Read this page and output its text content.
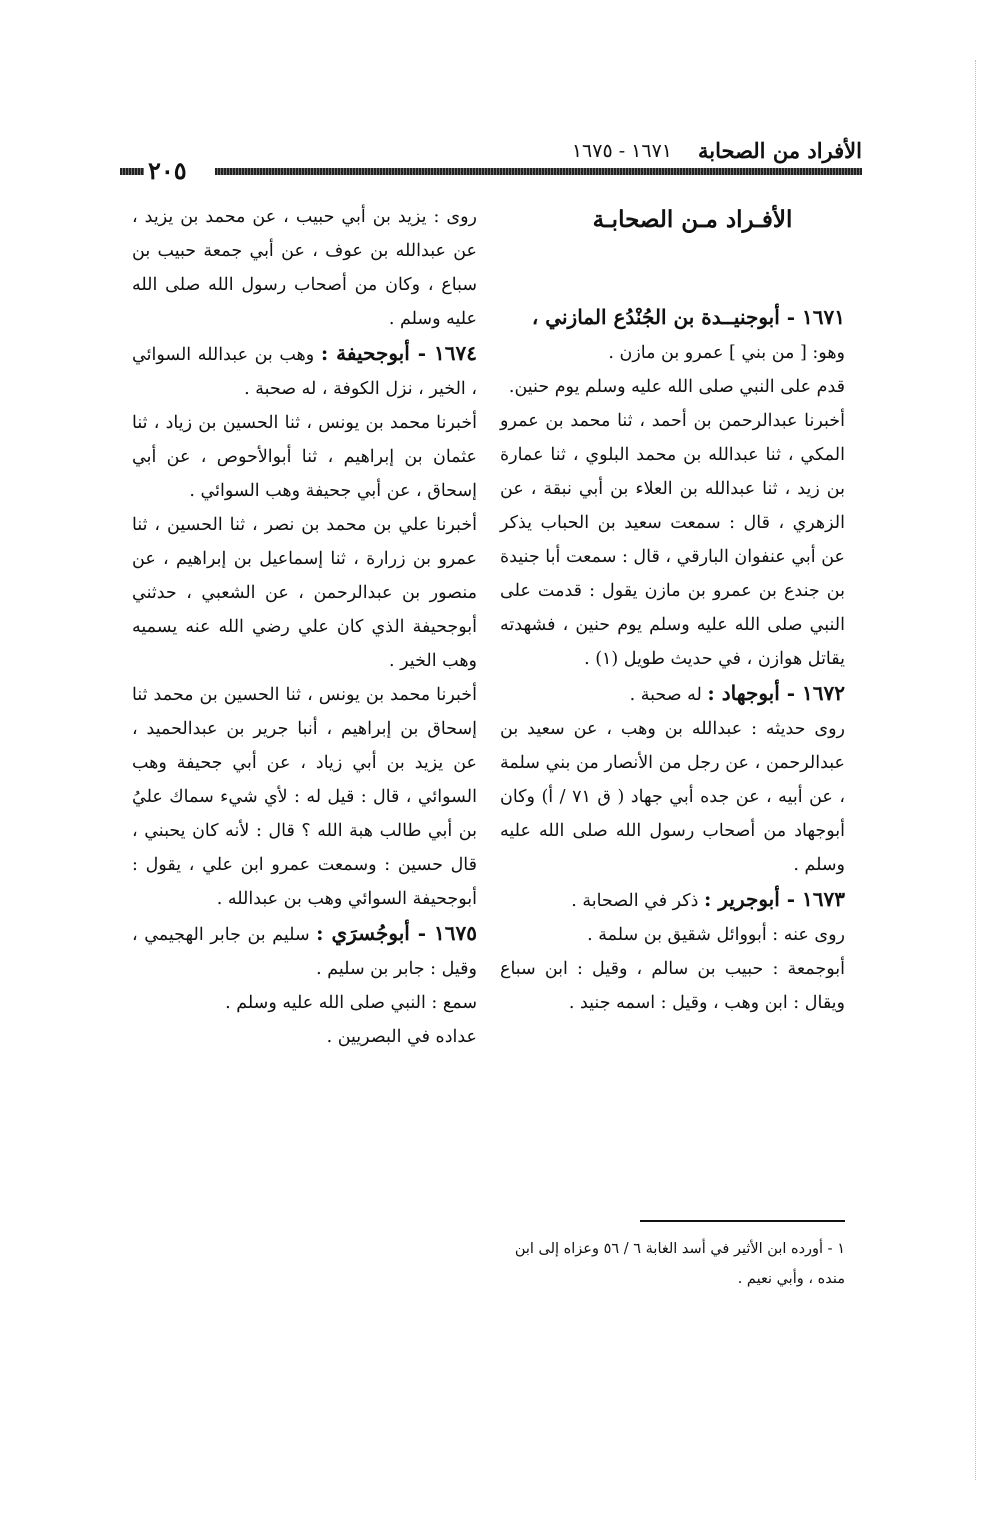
الأفراد من الصحابة
١٦٧١ - ١٦٧٥
٢٠٥

الأفـراد مـن الصحابـة

١٦٧١ - أبوجنيــدة بن الجُنْدُع المازني ،

وهو: [ من بني ] عمرو بن مازن .

قدم على النبي صلى الله عليه وسلم يوم حنين.

أخبرنا عبدالرحمن بن أحمد ، ثنا محمد بن عمرو المكي ، ثنا عبدالله بن محمد البلوي ، ثنا عمارة بن زيد ، ثنا عبدالله بن العلاء بن أبي نبقة ، عن الزهري ، قال : سمعت سعيد بن الحباب يذكر عن أبي عنفوان البارقي ، قال : سمعت أبا جنيدة بن جندع بن عمرو بن مازن يقول : قدمت على النبي صلى الله عليه وسلم يوم حنين ، فشهدته يقاتل هوازن ، في حديث طويل (١) .

١٦٧٢ - أبوجهاد : له صحبة .

روى حديثه : عبدالله بن وهب ، عن سعيد بن عبدالرحمن ، عن رجل من الأنصار من بني سلمة ، عن أبيه ، عن جده أبي جهاد ( ق ٧١ / أ) وكان أبوجهاد من أصحاب رسول الله صلى الله عليه وسلم .

١٦٧٣ - أبوجرير : ذكر في الصحابة .

روى عنه : أبووائل شقيق بن سلمة .

أبوجمعة : حبيب بن سالم ، وقيل : ابن سباع ويقال : ابن وهب ، وقيل : اسمه جنيد .

١ - أورده ابن الأثير في أسد الغابة ٦ / ٥٦ وعزاه إلى ابن منده ، وأبي نعيم .

روى : يزيد بن أبي حبيب ، عن محمد بن يزيد ، عن عبدالله بن عوف ، عن أبي جمعة حبيب بن سباع ، وكان من أصحاب رسول الله صلى الله عليه وسلم .

١٦٧٤ - أبوجحيفة : وهب بن عبدالله السوائي ، الخير ، نزل الكوفة ، له صحبة .

أخبرنا محمد بن يونس ، ثنا الحسين بن زياد ، ثنا عثمان بن إبراهيم ، ثنا أبوالأحوص ، عن أبي إسحاق ، عن أبي جحيفة وهب السوائي .

أخبرنا علي بن محمد بن نصر ، ثنا الحسين ، ثنا عمرو بن زرارة ، ثنا إسماعيل بن إبراهيم ، عن منصور بن عبدالرحمن ، عن الشعبي ، حدثني أبوجحيفة الذي كان علي رضي الله عنه يسميه وهب الخير .

أخبرنا محمد بن يونس ، ثنا الحسين بن محمد ثنا إسحاق بن إبراهيم ، أنبا جرير بن عبدالحميد ، عن يزيد بن أبي زياد ، عن أبي جحيفة وهب السوائي ، قال : قيل له : لأي شيء سماك عليُ بن أبي طالب هبة الله ؟ قال : لأنه كان يحبني ، قال حسين : وسمعت عمرو ابن علي ، يقول : أبوجحيفة السوائي وهب بن عبدالله .

١٦٧٥ - أبوجُسرَي : سليم بن جابر الهجيمي ، وقيل : جابر بن سليم .

سمع : النبي صلى الله عليه وسلم .

عداده في البصريين .
